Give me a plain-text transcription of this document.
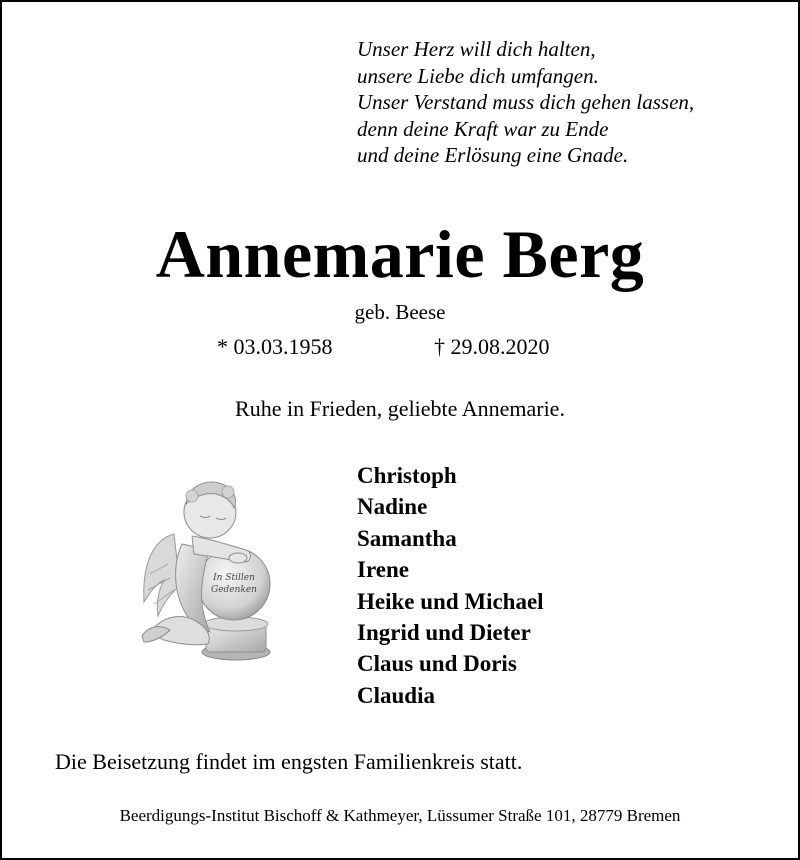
Unser Herz will dich halten,
unsere Liebe dich umfangen.
Unser Verstand muss dich gehen lassen,
denn deine Kraft war zu Ende
und deine Erlösung eine Gnade.
Annemarie Berg
geb. Beese
* 03.03.1958	† 29.08.2020
Ruhe in Frieden, geliebte Annemarie.
In Stillen
Gedenken
Christoph
Nadine
Samantha
Irene
Heike und Michael
Ingrid und Dieter
Claus und Doris
Claudia
Die Beisetzung findet im engsten Familienkreis statt.
Beerdigungs-Institut Bischoff & Kathmeyer, Lüssumer Straße 101, 28779 Bremen
